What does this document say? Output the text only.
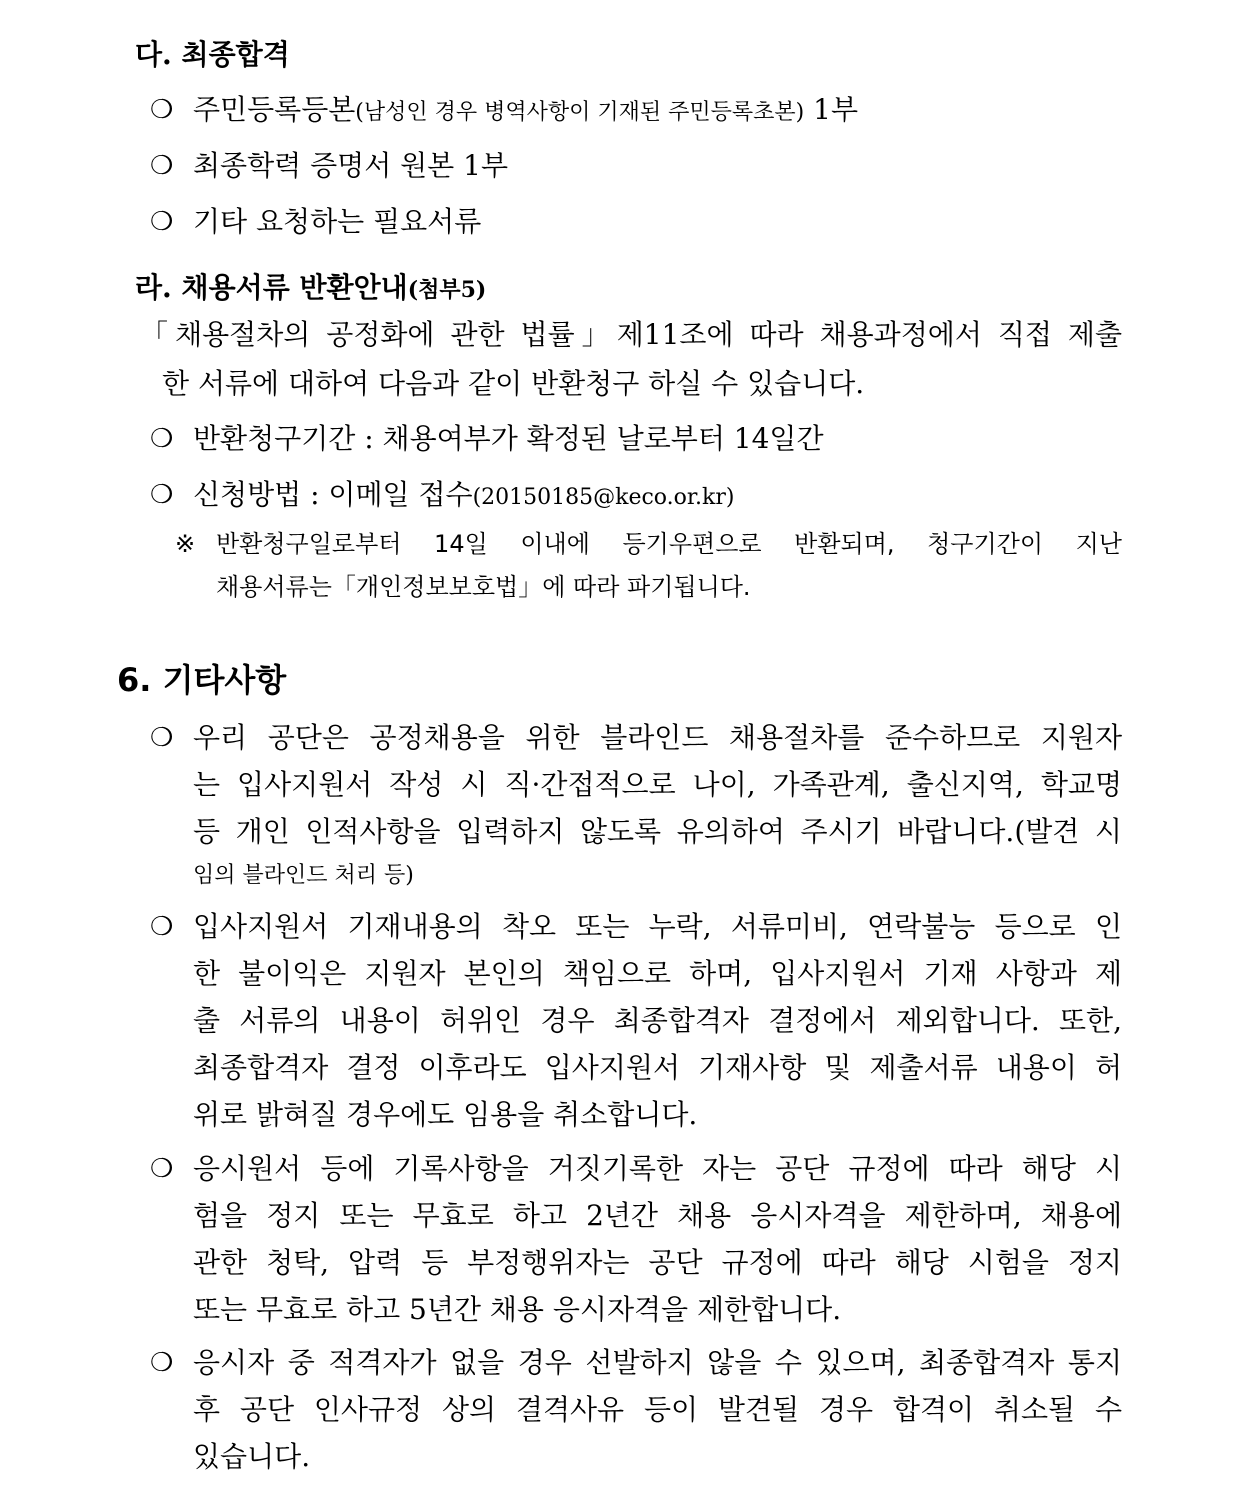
다. 최종합격
❍ 주민등록등본(남성인 경우 병역사항이 기재된 주민등록초본) 1부
❍ 최종학력 증명서 원본 1부
❍ 기타 요청하는 필요서류
라. 채용서류 반환안내(첨부5)
「채용절차의 공정화에 관한 법률」제11조에 따라 채용과정에서 직접 제출
한 서류에 대하여 다음과 같이 반환청구 하실 수 있습니다.
❍ 반환청구기간 : 채용여부가 확정된 날로부터 14일간
❍ 신청방법 : 이메일 접수(20150185@keco.or.kr)
※ 반환청구일로부터 14일 이내에 등기우편으로 반환되며, 청구기간이 지난
채용서류는「개인정보보호법」에 따라 파기됩니다.
6. 기타사항
❍ 우리 공단은 공정채용을 위한 블라인드 채용절차를 준수하므로 지원자
는 입사지원서 작성 시 직·간접적으로 나이, 가족관계, 출신지역, 학교명
등 개인 인적사항을 입력하지 않도록 유의하여 주시기 바랍니다.(발견 시
임의 블라인드 처리 등)
❍ 입사지원서 기재내용의 착오 또는 누락, 서류미비, 연락불능 등으로 인
한 불이익은 지원자 본인의 책임으로 하며, 입사지원서 기재 사항과 제
출 서류의 내용이 허위인 경우 최종합격자 결정에서 제외합니다. 또한,
최종합격자 결정 이후라도 입사지원서 기재사항 및 제출서류 내용이 허
위로 밝혀질 경우에도 임용을 취소합니다.
❍ 응시원서 등에 기록사항을 거짓기록한 자는 공단 규정에 따라 해당 시
험을 정지 또는 무효로 하고 2년간 채용 응시자격을 제한하며, 채용에
관한 청탁, 압력 등 부정행위자는 공단 규정에 따라 해당 시험을 정지
또는 무효로 하고 5년간 채용 응시자격을 제한합니다.
❍ 응시자 중 적격자가 없을 경우 선발하지 않을 수 있으며, 최종합격자 통지
후 공단 인사규정 상의 결격사유 등이 발견될 경우 합격이 취소될 수
있습니다.
